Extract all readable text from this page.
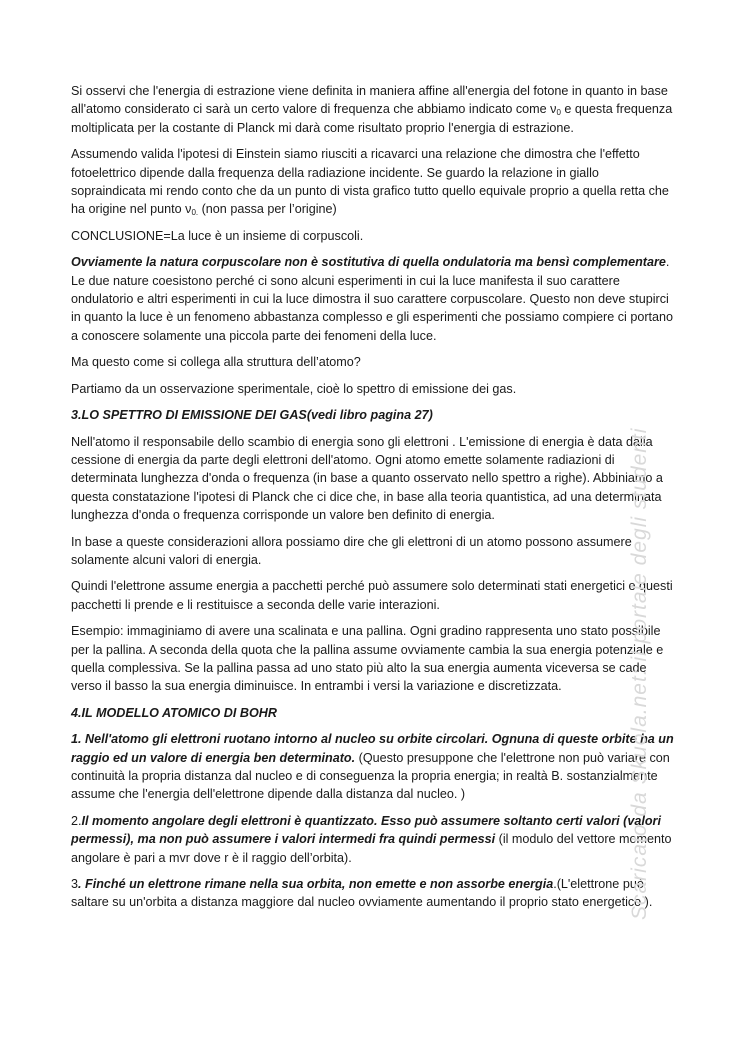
Si osservi che l'energia di estrazione viene definita in maniera affine all'energia del fotone in quanto in base all'atomo considerato ci sarà un certo valore di frequenza che abbiamo indicato come $\nu_0$ e questa frequenza moltiplicata per la costante di Planck mi darà come risultato proprio l'energia di estrazione.

Assumendo valida l'ipotesi di Einstein siamo riusciti a ricavarci una relazione che dimostra che l'effetto fotoelettrico dipende dalla frequenza della radiazione incidente. Se guardo la relazione in giallo sopraindicata mi rendo conto che da un punto di vista grafico tutto quello equivale proprio a quella retta che ha origine nel punto $\nu_{0.}$ (non passa per l’origine)

CONCLUSIONE=La luce è un insieme di corpuscoli.

Ovviamente la natura corpuscolare non è sostitutiva di quella ondulatoria ma bensì complementare. Le due nature coesistono perché ci sono alcuni esperimenti in cui la luce manifesta il suo carattere ondulatorio e altri esperimenti in cui la luce dimostra il suo carattere corpuscolare. Questo non deve stupirci in quanto la luce è un fenomeno abbastanza complesso e gli esperimenti che possiamo compiere ci portano a conoscere solamente una piccola parte dei fenomeni della luce.

Ma questo come si collega alla struttura dell’atomo?

Partiamo da un osservazione sperimentale, cioè lo spettro di emissione dei gas.

3.LO SPETTRO DI EMISSIONE DEI GAS(vedi libro pagina 27)

Nell'atomo il responsabile dello scambio di energia sono gli elettroni . L'emissione di energia è data dalla cessione di energia da parte degli elettroni dell'atomo. Ogni atomo emette solamente radiazioni di determinata lunghezza d'onda o frequenza (in base a quanto osservato nello spettro a righe). Abbiniamo a questa constatazione l'ipotesi di Planck che ci dice che, in base alla teoria quantistica, ad una determinata lunghezza d'onda o frequenza corrisponde un valore ben definito di energia.

In base a queste considerazioni allora possiamo dire che gli elettroni di un atomo possono assumere solamente alcuni valori di energia.

Quindi l'elettrone assume energia a pacchetti perché può assumere solo determinati stati energetici e questi pacchetti li prende e li restituisce a seconda delle varie interazioni.

Esempio: immaginiamo di avere una scalinata e una pallina. Ogni gradino rappresenta uno stato possibile per la pallina. A seconda della quota che la pallina assume ovviamente cambia la sua energia potenziale e quella complessiva. Se la pallina passa ad uno stato più alto la sua energia aumenta viceversa se cade verso il basso la sua energia diminuisce. In entrambi i versi la variazione e discretizzata.

4.IL MODELLO ATOMICO DI BOHR

1. Nell'atomo gli elettroni ruotano intorno al nucleo su orbite circolari. Ognuna di queste orbite ha un raggio ed un valore di energia ben determinato. (Questo presuppone che l'elettrone non può variare con continuità la propria distanza dal nucleo e di conseguenza la propria energia; in realtà B. sostanzialmente assume che l'energia dell'elettrone dipende dalla distanza dal nucleo. )

2.Il momento angolare degli elettroni è quantizzato. Esso può assumere soltanto certi valori (valori permessi), ma non può assumere i valori intermedi fra quindi permessi (il modulo del vettore momento angolare è pari a mvr dove r è il raggio dell’orbita).

3. Finché un elettrone rimane nella sua orbita, non emette e non assorbe energia.(L'elettrone può saltare su un'orbita a distanza maggiore dal nucleo ovviamente aumentando il proprio stato energetico ).

Scaricato da Skuola.net: il portale degli studenti
